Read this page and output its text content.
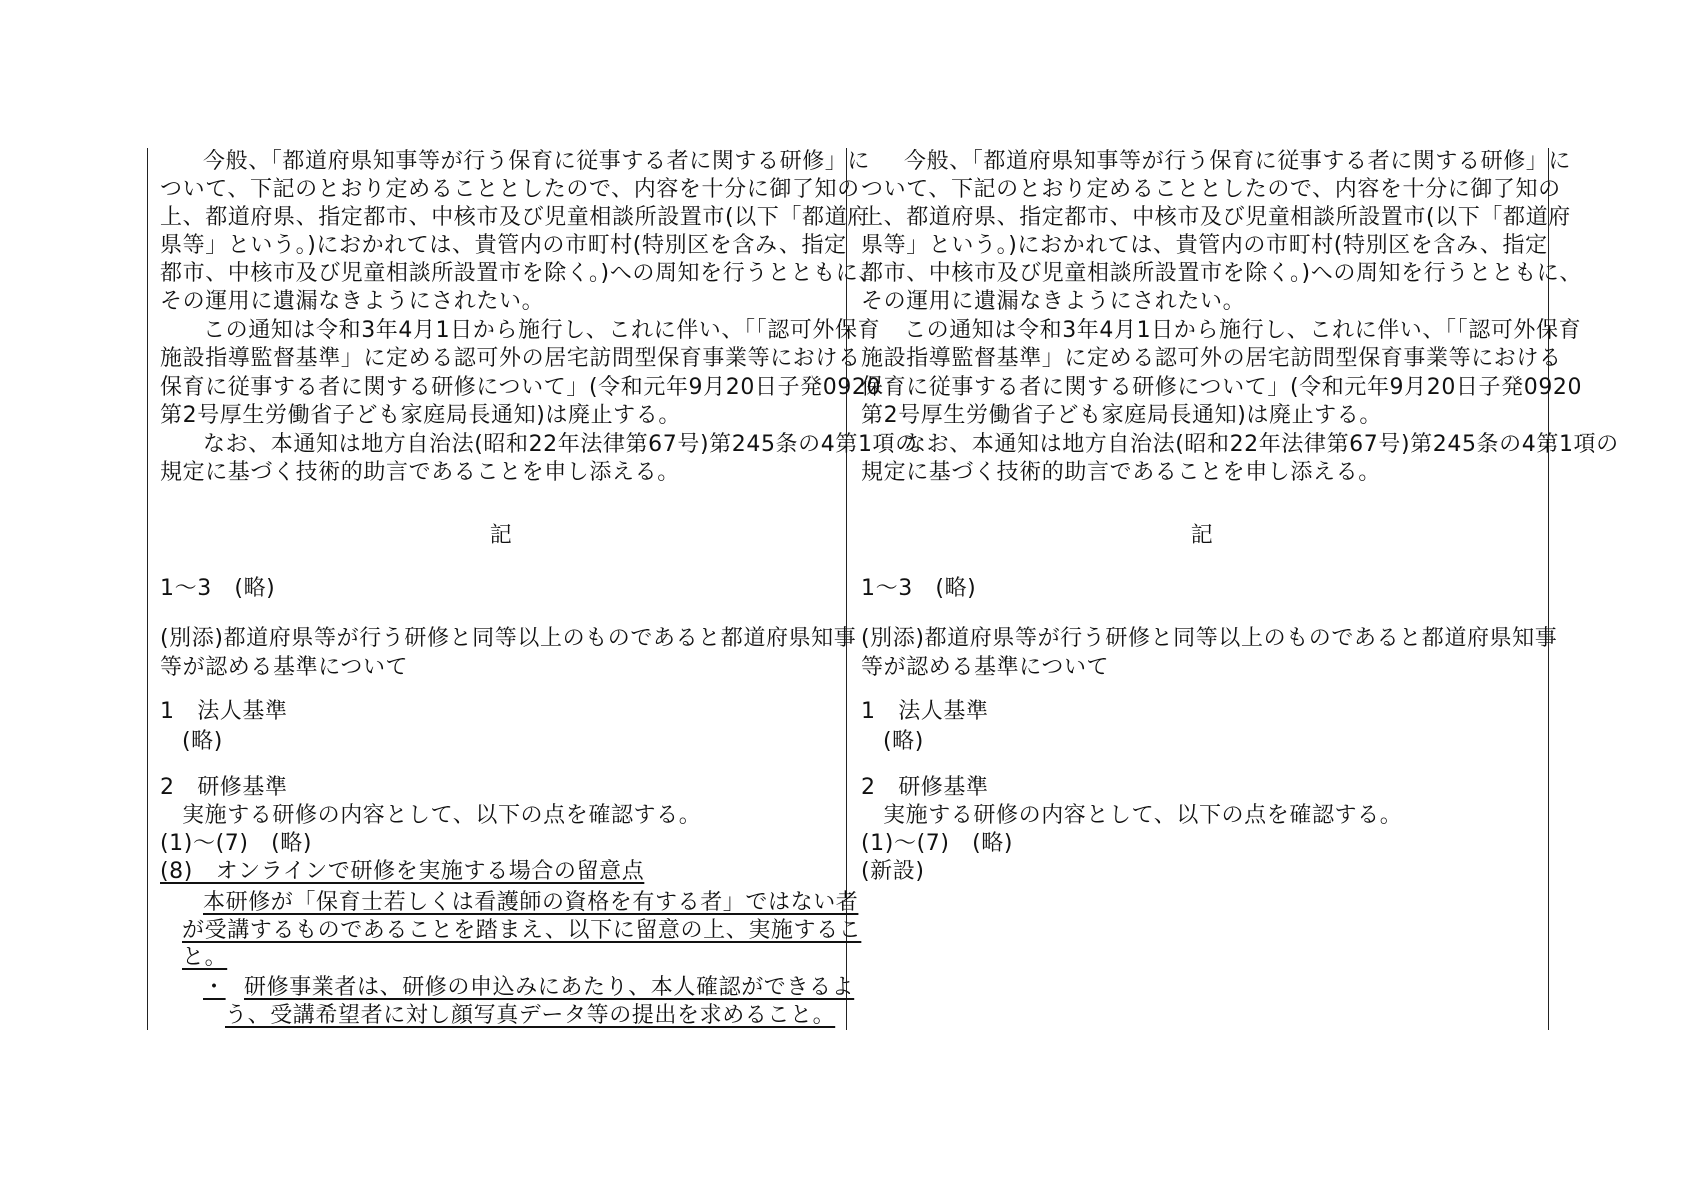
今般、「都道府県知事等が行う保育に従事する者に関する研修」に
ついて、下記のとおり定めることとしたので、内容を十分に御了知の
上、都道府県、指定都市、中核市及び児童相談所設置市(以下「都道府
県等」という。)におかれては、貴管内の市町村(特別区を含み、指定
都市、中核市及び児童相談所設置市を除く。)への周知を行うとともに、
その運用に遺漏なきようにされたい。
この通知は令和3年4月1日から施行し、これに伴い、「「認可外保育
施設指導監督基準」に定める認可外の居宅訪問型保育事業等における
保育に従事する者に関する研修について」(令和元年9月20日子発0920
第2号厚生労働省子ども家庭局長通知)は廃止する。
なお、本通知は地方自治法(昭和22年法律第67号)第245条の4第1項の
規定に基づく技術的助言であることを申し添える。
記
1～3　(略)
(別添)都道府県等が行う研修と同等以上のものであると都道府県知事
等が認める基準について
1　法人基準
(略)
2　研修基準
実施する研修の内容として、以下の点を確認する。
(1)～(7)　(略)
(8)　オンラインで研修を実施する場合の留意点
本研修が「保育士若しくは看護師の資格を有する者」ではない者
が受講するものであることを踏まえ、以下に留意の上、実施するこ
と。
・ 研修事業者は、研修の申込みにあたり、本人確認ができるよ
う、受講希望者に対し顔写真データ等の提出を求めること。
今般、「都道府県知事等が行う保育に従事する者に関する研修」に
ついて、下記のとおり定めることとしたので、内容を十分に御了知の
上、都道府県、指定都市、中核市及び児童相談所設置市(以下「都道府
県等」という。)におかれては、貴管内の市町村(特別区を含み、指定
都市、中核市及び児童相談所設置市を除く。)への周知を行うとともに、
その運用に遺漏なきようにされたい。
この通知は令和3年4月1日から施行し、これに伴い、「「認可外保育
施設指導監督基準」に定める認可外の居宅訪問型保育事業等における
保育に従事する者に関する研修について」(令和元年9月20日子発0920
第2号厚生労働省子ども家庭局長通知)は廃止する。
なお、本通知は地方自治法(昭和22年法律第67号)第245条の4第1項の
規定に基づく技術的助言であることを申し添える。
記
1～3　(略)
(別添)都道府県等が行う研修と同等以上のものであると都道府県知事
等が認める基準について
1　法人基準
(略)
2　研修基準
実施する研修の内容として、以下の点を確認する。
(1)～(7)　(略)
(新設)
